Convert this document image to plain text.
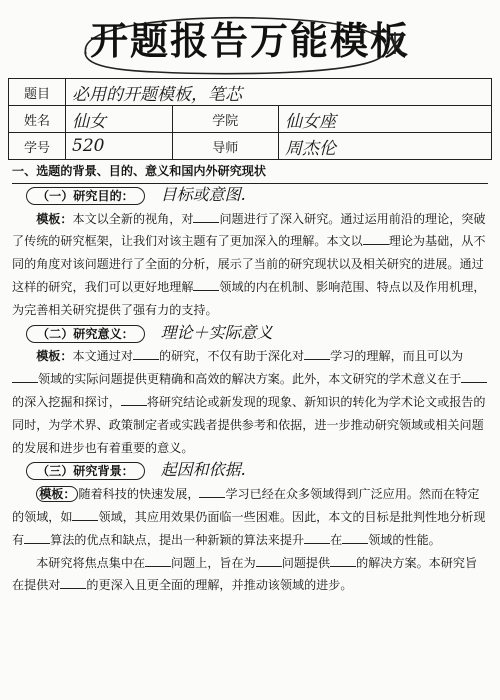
开题报告万能模板
题目	必用的开题模板，笔芯		
姓名	仙女	学院	仙女座
学号	520	导师	周杰伦

一、选题的背景、目的、意义和国内外研究现状

（一）研究目的： 目标或意图.

模板：本文以全新的视角，对 问题进行了深入研究。通过运用前沿的理论，突破了传统的研究框架，让我们对该主题有了更加深入的理解。本文以 理论为基础，从不同的角度对该问题进行了全面的分析，展示了当前的研究现状以及相关研究的进展。通过这样的研究，我们可以更好地理解 领域的内在机制、影响范围、特点以及作用机理，为完善相关研究提供了强有力的支持。

（二）研究意义： 理论＋实际意义

模板：本文通过对 的研究，不仅有助于深化对 学习的理解，而且可以为领域的实际问题提供更精确和高效的解决方案。此外，本文研究的学术意义在于的深入挖掘和探讨， 将研究结论或新发现的现象、新知识的转化为学术论文或报告的同时，为学术界、政策制定者或实践者提供参考和依据，进一步推动研究领域或相关问题的发展和进步也有着重要的意义。

（三）研究背景： 起因和依据.

模板： 随着科技的快速发展， 学习已经在众多领域得到广泛应用。然而在特定的领域，如 领域，其应用效果仍面临一些困难。因此，本文的目标是批判性地分析现有 算法的优点和缺点，提出一种新颖的算法来提升 在 领域的性能。

本研究将焦点集中在 问题上，旨在为 问题提供 的解决方案。本研究旨在提供对 的更深入且更全面的理解，并推动该领域的进步。
